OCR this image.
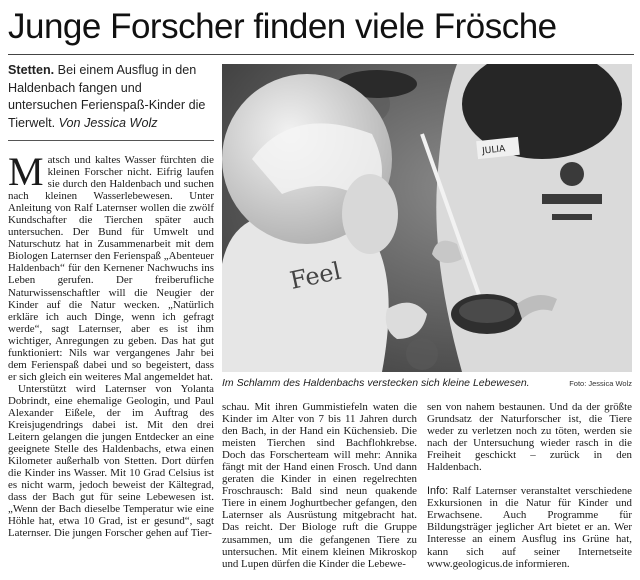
Junge Forscher finden viele Frösche
Stetten. Bei einem Ausflug in den Haldenbach fangen und untersuchen Ferienspaß-Kinder die Tierwelt. Von Jessica Wolz

Matsch und kaltes Wasser fürchten die kleinen Forscher nicht. Eifrig laufen sie durch den Haldenbach und suchen nach kleinen Wasserlebewesen. Unter Anleitung von Ralf Laternser wollen die zwölf Kundschafter die Tierchen später auch untersuchen. Der Bund für Umwelt und Naturschutz hat in Zusammenarbeit mit dem Biologen Laternser den Ferienspaß „Abenteuer Haldenbach“ für den Kernener Nachwuchs ins Leben gerufen. Der freiberufliche Naturwissenschaftler will die Neugier der Kinder auf die Natur wecken. „Natürlich erkläre ich auch Dinge, wenn ich gefragt werde“, sagt Laternser, aber es ist ihm wichtiger, Anregungen zu geben. Das hat gut funktioniert: Nils war vergangenes Jahr bei dem Ferienspaß dabei und so begeistert, dass er sich gleich ein weiteres Mal angemeldet hat.

Unterstützt wird Laternser von Yolanta Dobrindt, eine ehemalige Geologin, und Paul Alexander Eißele, der im Auftrag des Kreisjugendrings dabei ist. Mit den drei Leitern gelangen die jungen Entdecker an eine geeignete Stelle des Haldenbachs, etwa einen Kilometer außerhalb von Stetten. Dort dürfen die Kinder ins Wasser. Mit 10 Grad Celsius ist es nicht warm, jedoch beweist der Kältegrad, dass der Bach gut für seine Lebewesen ist. „Wenn der Bach dieselbe Temperatur wie eine Höhle hat, etwa 10 Grad, ist er gesund“, sagt Laternser. Die jungen Forscher gehen auf Tier-

Feel
JULIA
Im Schlamm des Haldenbachs verstecken sich kleine Lebewesen.	Foto: Jessica Wolz

schau. Mit ihren Gummistiefeln waten die Kinder im Alter von 7 bis 11 Jahren durch den Bach, in der Hand ein Küchensieb. Die meisten Tierchen sind Bachflohkrebse. Doch das Forscherteam will mehr: Annika fängt mit der Hand einen Frosch. Und dann geraten die Kinder in einen regelrechten Froschrausch: Bald sind neun quakende Tiere in einem Joghurtbecher gefangen, den Laternser als Ausrüstung mitgebracht hat. Das reicht. Der Biologe ruft die Gruppe zusammen, um die gefangenen Tiere zu untersuchen. Mit einem kleinen Mikroskop und Lupen dürfen die Kinder die Lebewe-

sen von nahem bestaunen. Und da der größte Grundsatz der Naturforscher ist, die Tiere weder zu verletzen noch zu töten, werden sie nach der Untersuchung wieder rasch in die Freiheit geschickt – zurück in den Haldenbach.

Info: Ralf Laternser veranstaltet verschiedene Exkursionen in die Natur für Kinder und Erwachsene. Auch Programme für Bildungsträger jeglicher Art bietet er an. Wer Interesse an einem Ausflug ins Grüne hat, kann sich auf seiner Internetseite www.geologicus.de informieren.
